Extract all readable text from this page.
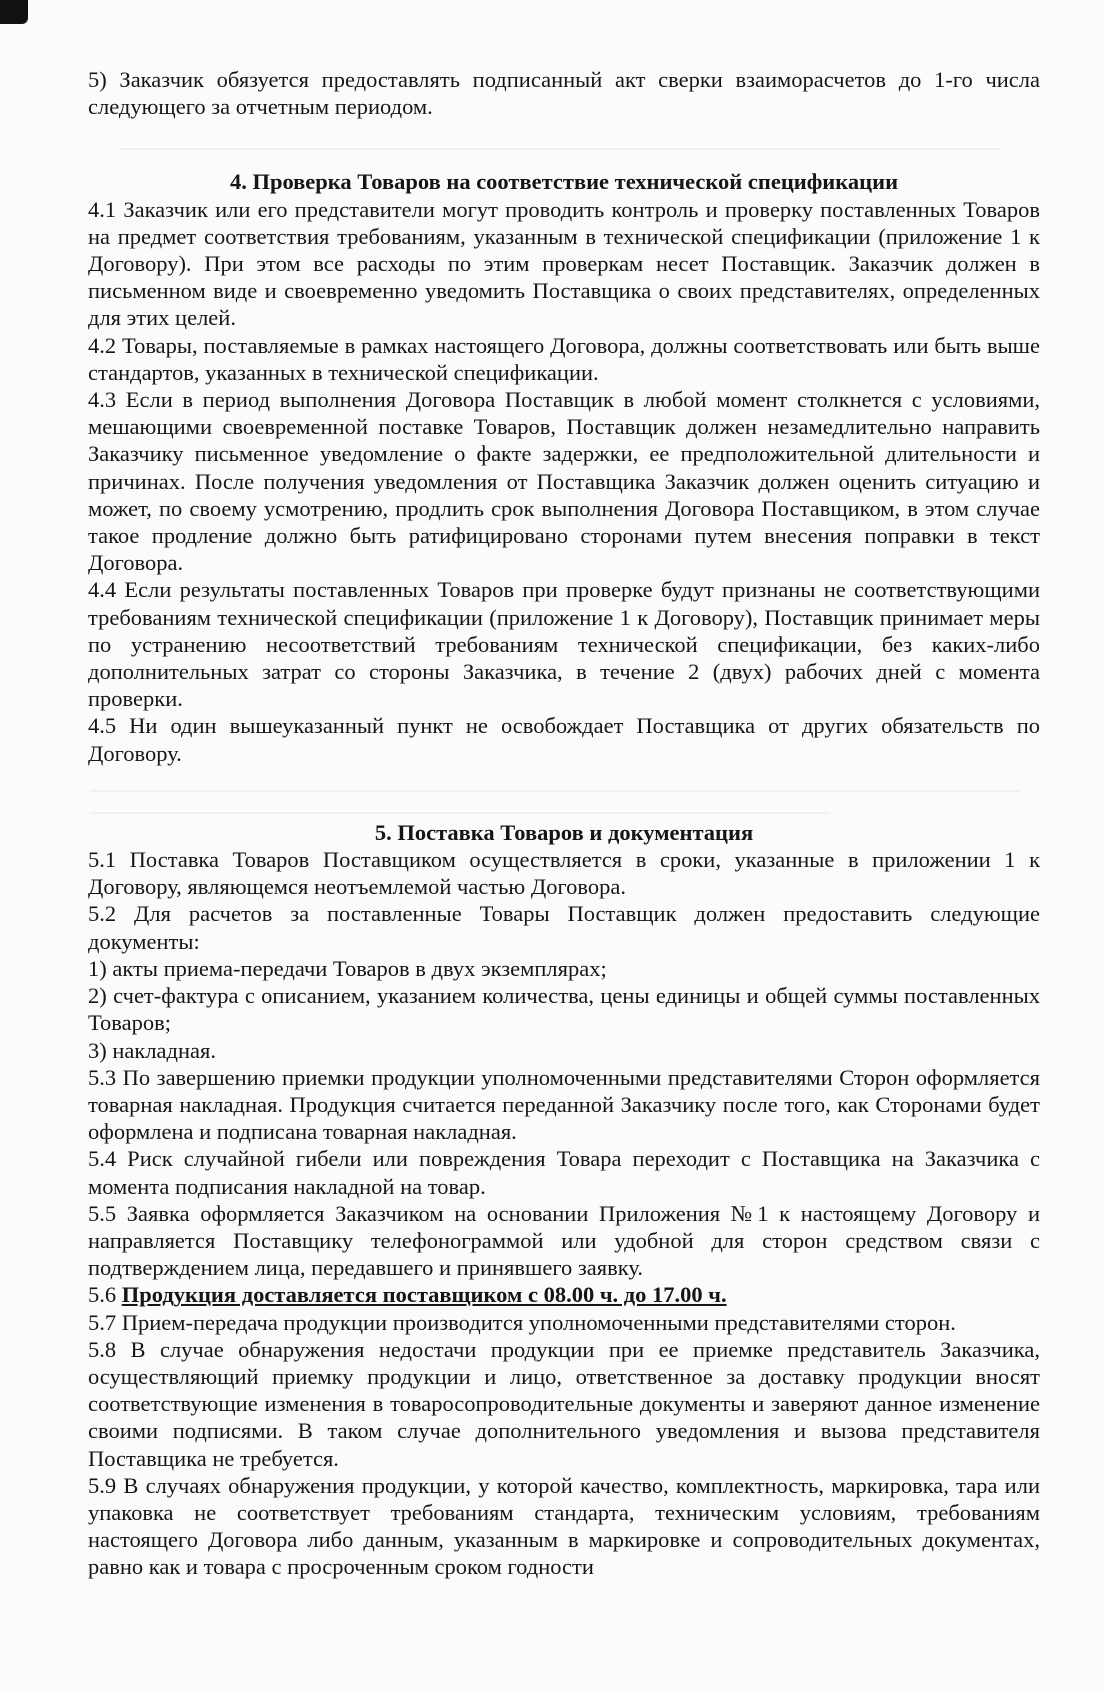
5) Заказчик обязуется предоставлять подписанный акт сверки взаиморасчетов до 1-го числа следующего за отчетным периодом.

4. Проверка Товаров на соответствие технической спецификации

4.1 Заказчик или его представители могут проводить контроль и проверку поставленных Товаров на предмет соответствия требованиям, указанным в технической спецификации (приложение 1 к Договору). При этом все расходы по этим проверкам несет Поставщик. Заказчик должен в письменном виде и своевременно уведомить Поставщика о своих представителях, определенных для этих целей.

4.2 Товары, поставляемые в рамках настоящего Договора, должны соответствовать или быть выше стандартов, указанных в технической спецификации.

4.3 Если в период выполнения Договора Поставщик в любой момент столкнется с условиями, мешающими своевременной поставке Товаров, Поставщик должен незамедлительно направить Заказчику письменное уведомление о факте задержки, ее предположительной длительности и причинах. После получения уведомления от Поставщика Заказчик должен оценить ситуацию и может, по своему усмотрению, продлить срок выполнения Договора Поставщиком, в этом случае такое продление должно быть ратифицировано сторонами путем внесения поправки в текст Договора.

4.4 Если результаты поставленных Товаров при проверке будут признаны не соответствующими требованиям технической спецификации (приложение 1 к Договору), Поставщик принимает меры по устранению несоответствий требованиям технической спецификации, без каких-либо дополнительных затрат со стороны Заказчика, в течение 2 (двух) рабочих дней с момента проверки.

4.5 Ни один вышеуказанный пункт не освобождает Поставщика от других обязательств по Договору.

5. Поставка Товаров и документация

5.1 Поставка Товаров Поставщиком осуществляется в сроки, указанные в приложении 1 к Договору, являющемся неотъемлемой частью Договора.

5.2 Для расчетов за поставленные Товары Поставщик должен предоставить следующие документы:

1) акты приема-передачи Товаров в двух экземплярах;

2) счет-фактура с описанием, указанием количества, цены единицы и общей суммы поставленных Товаров;

3) накладная.

5.3 По завершению приемки продукции уполномоченными представителями Сторон оформляется товарная накладная. Продукция считается переданной Заказчику после того, как Сторонами будет оформлена и подписана товарная накладная.

5.4 Риск случайной гибели или повреждения Товара переходит с Поставщика на Заказчика с момента подписания накладной на товар.

5.5 Заявка оформляется Заказчиком на основании Приложения №1 к настоящему Договору и направляется Поставщику телефонограммой или удобной для сторон средством связи с подтверждением лица, передавшего и принявшего заявку.

5.6 Продукция доставляется поставщиком с 08.00 ч. до 17.00 ч.

5.7 Прием-передача продукции производится уполномоченными представителями сторон.

5.8 В случае обнаружения недостачи продукции при ее приемке представитель Заказчика, осуществляющий приемку продукции и лицо, ответственное за доставку продукции вносят соответствующие изменения в товаросопроводительные документы и заверяют данное изменение своими подписями. В таком случае дополнительного уведомления и вызова представителя Поставщика не требуется.

5.9 В случаях обнаружения продукции, у которой качество, комплектность, маркировка, тара или упаковка не соответствует требованиям стандарта, техническим условиям, требованиям настоящего Договора либо данным, указанным в маркировке и сопроводительных документах, равно как и товара с просроченным сроком годности
